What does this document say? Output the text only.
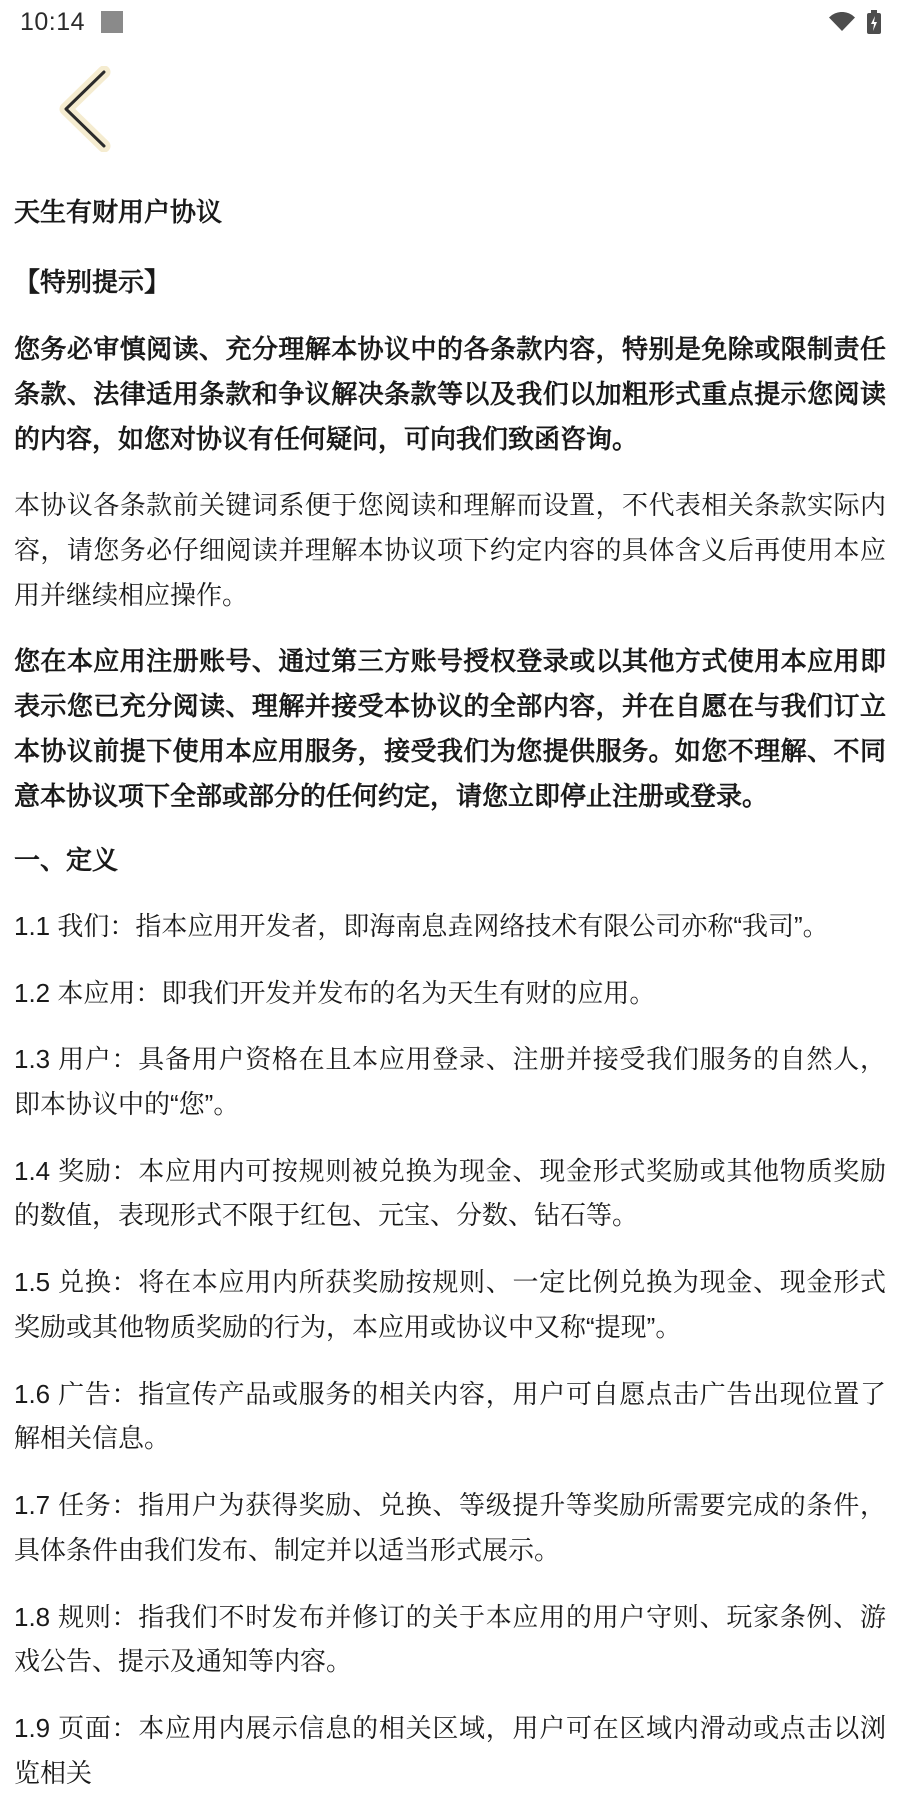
10:14
天生有财用户协议

【特别提示】

您务必审慎阅读、充分理解本协议中的各条款内容，特别是免除或限制责任条款、法律适用条款和争议解决条款等以及我们以加粗形式重点提示您阅读的内容，如您对协议有任何疑问，可向我们致函咨询。

本协议各条款前关键词系便于您阅读和理解而设置，不代表相关条款实际内容，请您务必仔细阅读并理解本协议项下约定内容的具体含义后再使用本应用并继续相应操作。

您在本应用注册账号、通过第三方账号授权登录或以其他方式使用本应用即表示您已充分阅读、理解并接受本协议的全部内容，并在自愿在与我们订立本协议前提下使用本应用服务，接受我们为您提供服务。如您不理解、不同意本协议项下全部或部分的任何约定，请您立即停止注册或登录。

一、定义

1.1 我们：指本应用开发者，即海南息垚网络技术有限公司亦称“我司”。

1.2 本应用：即我们开发并发布的名为天生有财的应用。

1.3 用户：具备用户资格在且本应用登录、注册并接受我们服务的自然人，即本协议中的“您”。

1.4 奖励：本应用内可按规则被兑换为现金、现金形式奖励或其他物质奖励的数值，表现形式不限于红包、元宝、分数、钻石等。

1.5 兑换：将在本应用内所获奖励按规则、一定比例兑换为现金、现金形式奖励或其他物质奖励的行为，本应用或协议中又称“提现”。

1.6 广告：指宣传产品或服务的相关内容，用户可自愿点击广告出现位置了解相关信息。

1.7 任务：指用户为获得奖励、兑换、等级提升等奖励所需要完成的条件，具体条件由我们发布、制定并以适当形式展示。

1.8 规则：指我们不时发布并修订的关于本应用的用户守则、玩家条例、游戏公告、提示及通知等内容。

1.9 页面：本应用内展示信息的相关区域，用户可在区域内滑动或点击以浏览相关
